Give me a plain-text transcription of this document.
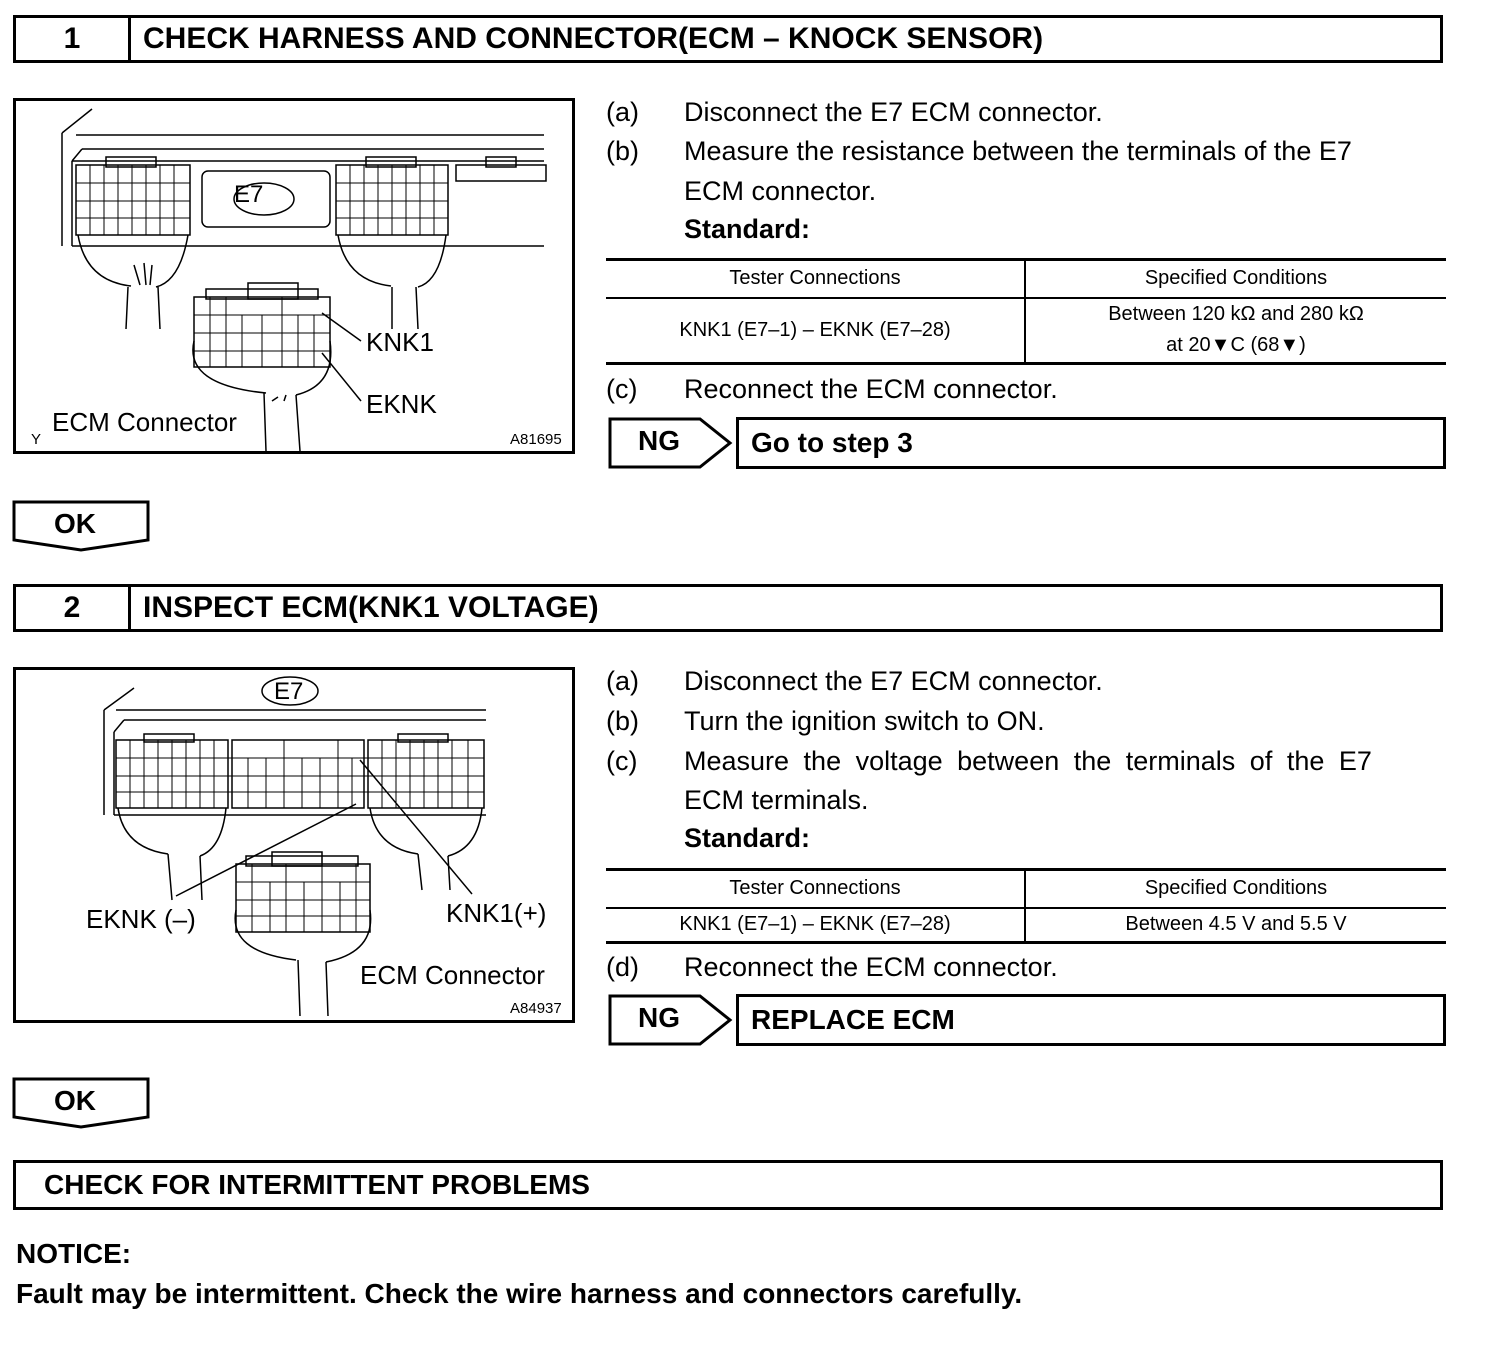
1	CHECK HARNESS AND CONNECTOR(ECM – KNOCK SENSOR)
E7
KNK1
EKNK
ECM Connector
Y	A81695
(a) Disconnect the E7 ECM connector.
(b) Measure the resistance between the terminals of the E7
ECM connector.
Standard:
Tester Connections	Specified Conditions
KNK1 (E7–1) – EKNK (E7–28)	Between 120 kΩ and 280 kΩ
at 20▼C (68▼)
(c) Reconnect the ECM connector.
NG	Go to step 3
OK
2	INSPECT ECM(KNK1 VOLTAGE)
E7
EKNK (–)	KNK1(+)
ECM Connector
A84937
(a) Disconnect the E7 ECM connector.
(b) Turn the ignition switch to ON.
(c) Measure the voltage between the terminals of the E7
ECM terminals.
Standard:
Tester Connections	Specified Conditions
KNK1 (E7–1) – EKNK (E7–28)	Between 4.5 V and 5.5 V
(d) Reconnect the ECM connector.
NG	REPLACE ECM
OK
CHECK FOR INTERMITTENT PROBLEMS
NOTICE:
Fault may be intermittent. Check the wire harness and connectors carefully.
